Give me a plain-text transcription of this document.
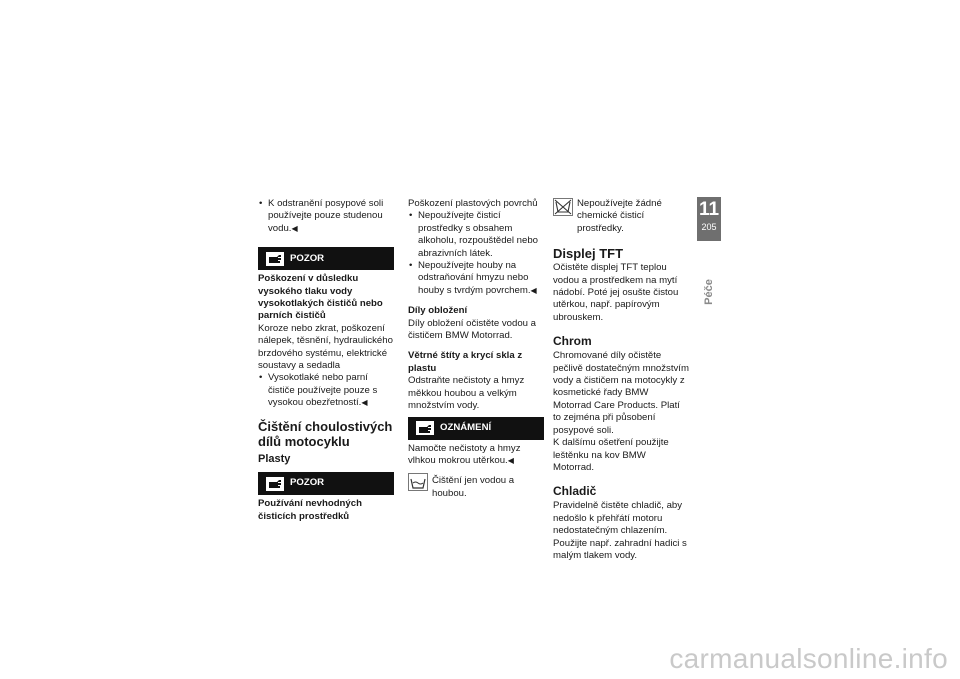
• K odstranění posypové soli používejte pouze studenou vodu.◀

POZOR

Poškození v důsledku vysokého tlaku vody vysokotlakých čističů nebo parních čističů

Koroze nebo zkrat, poškození nálepek, těsnění, hydraulického brzdového systému, elektrické soustavy a sedadla

• Vysokotlaké nebo parní čističe používejte pouze s vysokou obezřetností.◀

Čištění choulostivých dílů motocyklu

Plasty

POZOR

Používání nevhodných čisticích prostředků

Poškození plastových povrchů

• Nepoužívejte čisticí prostředky s obsahem alkoholu, rozpouštědel nebo abrazivních látek.

• Nepoužívejte houby na odstraňování hmyzu nebo houby s tvrdým povrchem.◀

Díly obložení

Díly obložení očistěte vodou a čističem BMW Motorrad.

Větrné štíty a krycí skla z plastu

Odstraňte nečistoty a hmyz měkkou houbou a velkým množstvím vody.

OZNÁMENÍ

Namočte nečistoty a hmyz vlhkou mokrou utěrkou.◀

Čištění jen vodou a houbou.

Nepoužívejte žádné chemické čisticí prostředky.

Displej TFT

Očistěte displej TFT teplou vodou a prostředkem na mytí nádobí. Poté jej osušte čistou utěrkou, např. papírovým ubrouskem.

Chrom

Chromované díly očistěte pečlivě dostatečným množstvím vody a čističem na motocykly z kosmetické řady BMW Motorrad Care Products. Platí to zejména při působení posypové soli.

K dalšímu ošetření použijte leštěnku na kov BMW Motorrad.

Chladič

Pravidelně čistěte chladič, aby nedošlo k přehřátí motoru nedostatečným chlazením.

Použijte např. zahradní hadici s malým tlakem vody.

11
205
Péče
carmanualsonline.info
